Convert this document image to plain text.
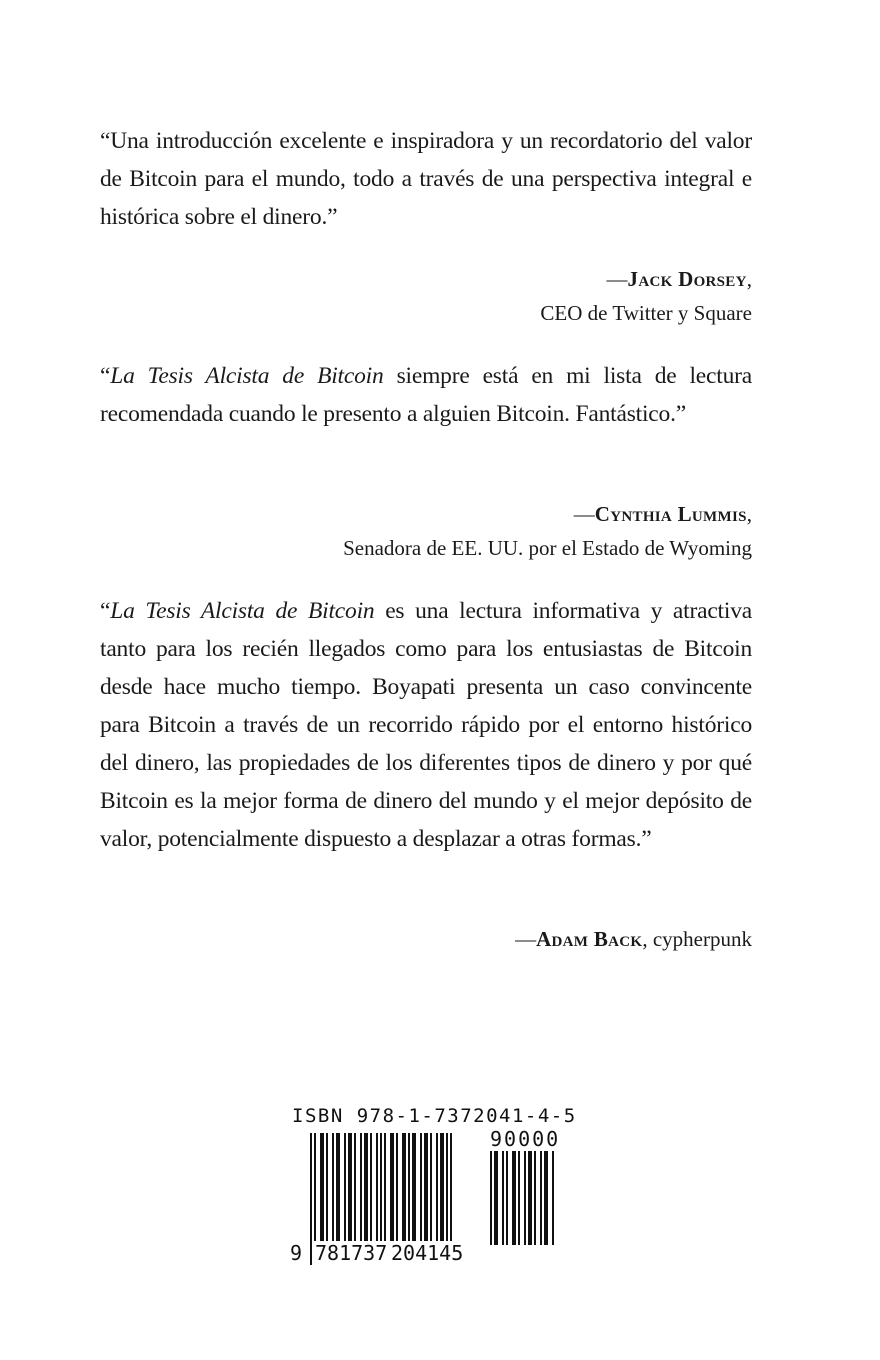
“Una introducción excelente e inspiradora y un recordatorio del valor de Bitcoin para el mundo, todo a través de una perspectiva integral e histórica sobre el dinero.”
—Jack Dorsey,
CEO de Twitter y Square
“La Tesis Alcista de Bitcoin siempre está en mi lista de lectura recomendada cuando le presento a alguien Bitcoin. Fantástico.”
—Cynthia Lummis,
Senadora de EE. UU. por el Estado de Wyoming
“La Tesis Alcista de Bitcoin es una lectura informativa y atractiva tanto para los recién llegados como para los entusiastas de Bitcoin desde hace mucho tiempo. Boyapati presenta un caso convincente para Bitcoin a través de un recorrido rápido por el entorno histórico del dinero, las propiedades de los diferentes tipos de dinero y por qué Bitcoin es la mejor forma de dinero del mundo y el mejor depósito de valor, potencialmente dispuesto a desplazar a otras formas.”
—Adam Back, cypherpunk
ISBN 978-1-7372041-4-5
90000
9 781737 204145
